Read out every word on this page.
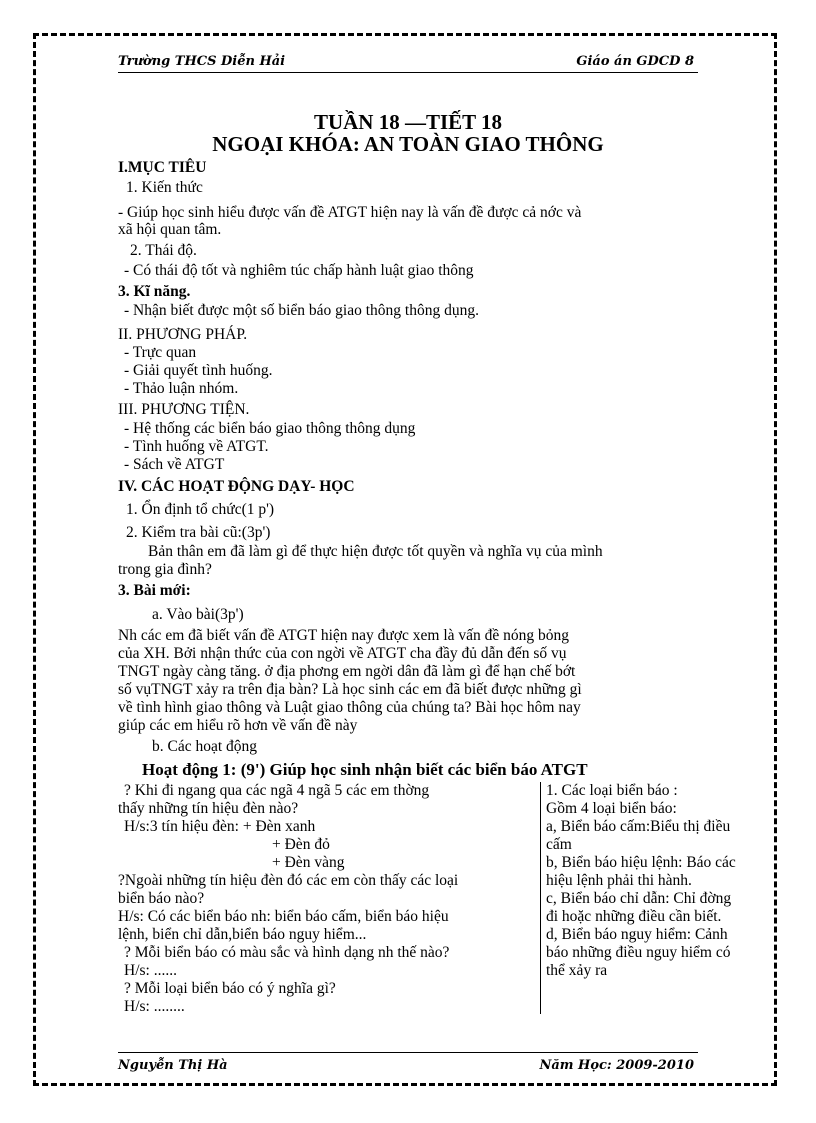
Trường THCS Diễn Hải	Giáo án GDCD 8
TUẦN 18 —TIẾT 18
NGOẠI KHÓA: AN TOÀN GIAO THÔNG
I.MỤC TIÊU
1. Kiến thức
- Giúp học sinh hiểu được vấn đề ATGT hiện nay là vấn đề được cả nớc và
xã hội quan tâm.
2. Thái độ.
- Có thái độ tốt và nghiêm túc chấp hành luật giao thông
3. Kĩ năng.
- Nhận biết được một số biển báo giao thông thông dụng.
II. PHƯƠNG PHÁP.
- Trực quan
- Giải quyết tình huống.
- Thảo luận nhóm.
III. PHƯƠNG TIỆN.
- Hệ thống các biển báo giao thông thông dụng
- Tình huống về ATGT.
- Sách về ATGT
IV. CÁC HOẠT ĐỘNG DẠY- HỌC
1. Ổn định tổ chức(1 p')
2. Kiểm tra bài cũ:(3p')
Bản thân em đã làm gì để thực hiện được tốt quyền và nghĩa vụ của mình
trong gia đình?
3. Bài mới:
a. Vào bài(3p')
Nh các em đã biết vấn đề ATGT hiện nay được xem là vấn đề nóng bỏng
của XH. Bởi nhận thức của con ngời về ATGT cha đầy đủ dẫn đến số vụ
TNGT ngày càng tăng. ở địa phơng em ngời dân đã làm gì để hạn chế bớt
số vụTNGT xảy ra trên địa bàn? Là học sinh các em đã biết được những gì
về tình hình giao thông và Luật giao thông của chúng ta? Bài học hôm nay
giúp các em hiểu rõ hơn về vấn đề này
b. Các hoạt động
Hoạt động 1: (9') Giúp học sinh nhận biết các biển báo ATGT
? Khi đi ngang qua các ngã 4 ngã 5 các em thờng
thấy những tín hiệu đèn nào?
H/s:3 tín hiệu đèn: + Đèn xanh
+ Đèn đỏ
+ Đèn vàng
?Ngoài những tín hiệu đèn đó các em còn thấy các loại
biển báo nào?
H/s: Có các biển báo nh: biển báo cấm, biển báo hiệu
lệnh, biển chỉ dẫn,biển báo nguy hiểm...
? Mỗi biển báo có màu sắc và hình dạng nh thế nào?
H/s: ......
? Mỗi loại biển báo có ý nghĩa gì?
H/s: ........
1. Các loại biển báo :
Gồm 4 loại biển báo:
a, Biển báo cấm:Biểu thị điều
cấm
b, Biển báo hiệu lệnh: Báo các
hiệu lệnh phải thi hành.
c, Biển báo chỉ dẫn: Chỉ đờng
đi hoặc những điều cần biết.
d, Biển báo nguy hiểm: Cảnh
báo những điều nguy hiểm có
thể xảy ra
Nguyễn Thị Hà	Năm Học: 2009-2010
